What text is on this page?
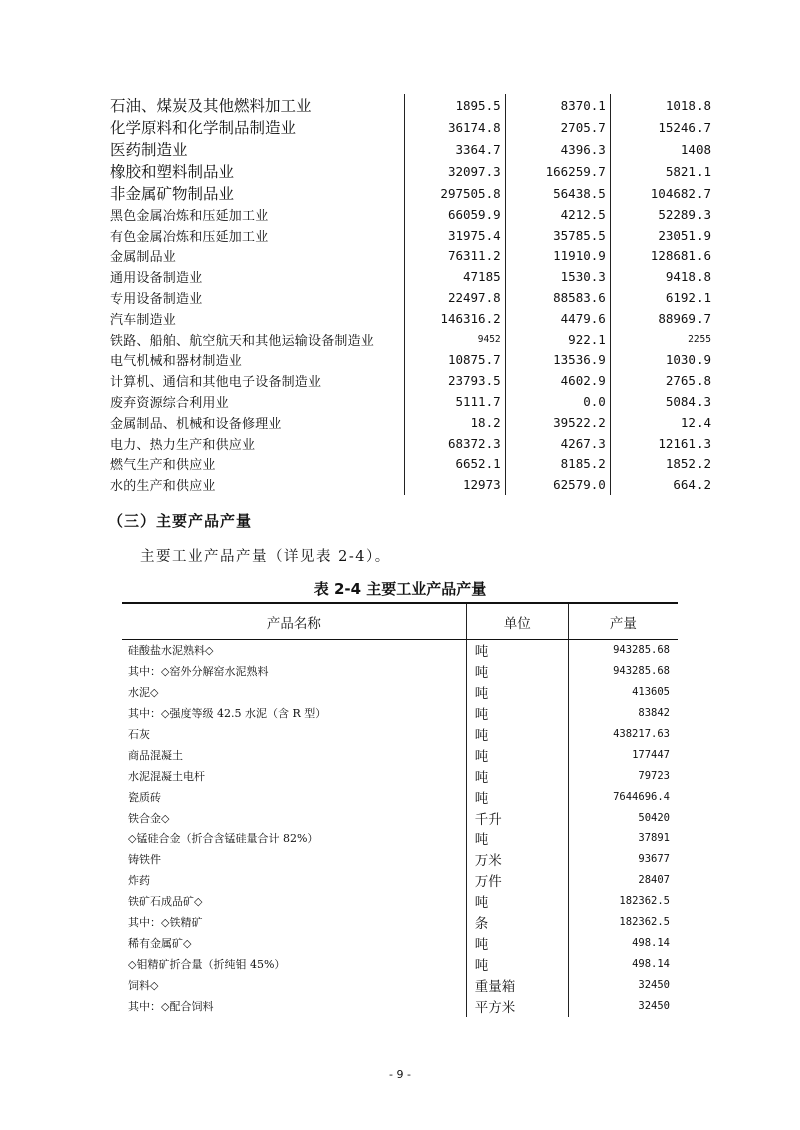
石油、煤炭及其他燃料加工业	1895.5	8370.1	1018.8
化学原料和化学制品制造业	36174.8	2705.7	15246.7
医药制造业	3364.7	4396.3	1408
橡胶和塑料制品业	32097.3	166259.7	5821.1
非金属矿物制品业	297505.8	56438.5	104682.7
黑色金属冶炼和压延加工业	66059.9	4212.5	52289.3
有色金属冶炼和压延加工业	31975.4	35785.5	23051.9
金属制品业	76311.2	11910.9	128681.6
通用设备制造业	47185	1530.3	9418.8
专用设备制造业	22497.8	88583.6	6192.1
汽车制造业	146316.2	4479.6	88969.7
铁路、船舶、航空航天和其他运输设备制造业	9452	922.1	2255
电气机械和器材制造业	10875.7	13536.9	1030.9
计算机、通信和其他电子设备制造业	23793.5	4602.9	2765.8
废弃资源综合利用业	5111.7	0.0	5084.3
金属制品、机械和设备修理业	18.2	39522.2	12.4
电力、热力生产和供应业	68372.3	4267.3	12161.3
燃气生产和供应业	6652.1	8185.2	1852.2
水的生产和供应业	12973	62579.0	664.2
（三）主要产品产量
主要工业产品产量（详见表 2-4）。
表 2-4 主要工业产品产量
产品名称	单位	产量
硅酸盐水泥熟料◇	吨	943285.68
其中：◇窑外分解窑水泥熟料	吨	943285.68
水泥◇	吨	413605
其中：◇强度等级 42.5 水泥（含 R 型）	吨	83842
石灰	吨	438217.63
商品混凝土	吨	177447
水泥混凝土电杆	吨	79723
瓷质砖	吨	7644696.4
铁合金◇	千升	50420
◇锰硅合金（折合含锰硅量合计 82%）	吨	37891
铸铁件	万米	93677
炸药	万件	28407
铁矿石成品矿◇	吨	182362.5
其中：◇铁精矿	条	182362.5
稀有金属矿◇	吨	498.14
◇钼精矿折合量（折纯钼 45%）	吨	498.14
饲料◇	重量箱	32450
其中：◇配合饲料	平方米	32450
- 9 -
